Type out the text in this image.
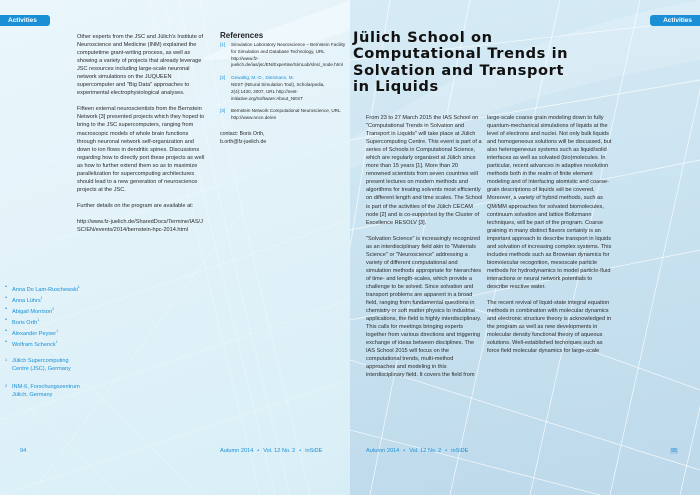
Activities

Other experts from the JSC and Jülich's Institute of Neuroscience and Medicine (INM) explained the computetime grant-writing process, as well as showing a variety of projects that already leverage JSC resources including large-scale neuronal network simulations on the JUQUEEN supercomputer and "Big Data" approaches to experimental electrophysiological analyses.

Fifteen external neuroscientists from the Bernstein Network [3] presented projects which they hoped to bring to the JSC supercomputers, ranging from macroscopic models of whole brain functions through neuronal network self-organization and down to ion flows in dendritic spines. Discussions regarding how to directly port these projects as well as how to further extend them so as to maximize parallelization for supercomputing architectures should lead to a new generation of neuroscience projects at the JSC.

Further details on the program are available at:

http://www.fz-juelich.de/SharedDocs/Termine/IAS/JSC/EN/events/2014/bernstein-hpc-2014.html

• Anna Do Lam-Ruschewski$^1$
• Anna Lührs$^1$
• Abigail Morrison$^2$
• Boris Orth$^1$
• Alexander Peyser$^1$
• Wolfram Schenck$^1$
1 Jülich Supercomputing Centre (JSC), Germany
2 INM-6, Forschungszentrum Jülich, Germany
References
[1] Simulation Laboratory Neuroscience – Bernstein Facility for Simulation and Database Technology, URL http://www.fz-juelich.de/ias/jsc/EN/Expertise/SimLab/slns/_node.html
[2] Gewaltig, M.-O., Diesmann, M.
NEST (NEural Simulation Tool), Scholarpedia, 2(4):1430, 2007, URL http://nest-initiative.org/Software:About_NEST
[3] Bernstein Network Computational Neuroscience, URL http://www.nncn.de/en
contact: Boris Orth,
b.orth@fz-juelich.de
94	Autumn 2014 • Vol. 12 No. 2 • inSiDE
Activities
Jülich School on
Computational Trends in
Solvation and Transport
in Liquids

From 23 to 27 March 2015 the IAS School on "Computational Trends in Solvation and Transport in Liquids" will take place at Jülich Supercomputing Centre. This event is part of a series of Schools in Computational Science, which are regularly organized at Jülich since more than 15 years [1]. More than 20 renowned scientists from seven countries will present lectures on modern methods and algorithms for treating solvents most efficiently on different length and time scales. The School is part of the activities of the Jülich CECAM node [2] and is co-supported by the Cluster of Excellence RESOLV [3].

"Solvation Science" is increasingly recognized as an interdisciplinary field akin to "Materials Science" or "Neuroscience" addressing a variety of different computational and simulation methods appropriate for hierarchies of time- and length-scales, which provide a challenge to be solved. Since solvation and transport problems are apparent in a broad field, ranging from fundamental questions in chemistry or soft matter physics to industrial applications, the field is highly interdisciplinary. This calls for meetings bringing experts together from various directions and triggering exchange of ideas between disciplines. The IAS School 2015 will focus on the computational trends, multi-method approaches and modeling in this interdisciplinary field. It covers the field from

large-scale coarse grain modeling down to fully quantum-mechanical simulations of liquids at the level of electrons and nuclei. Not only bulk liquids and homogeneous solutions will be discussed, but also heterogeneous systems such as liquid/solid interfaces as well as solvated (bio)molecules. In particular, recent advances in adaptive resolution methods both in the realm of finite element modeling and of interfacing atomistic and coarse-grain descriptions of liquids will be covered. Moreover, a variety of hybrid methods, such as QM/MM approaches for solvated biomolecules, continuum solvation and lattice Boltzmann techniques, will be part of the program. Coarse graining in many distinct flavors certainly is an important approach to describe transport in liquids and solvation of increasing complex systems. This includes methods such as Brownian dynamics for biomolecular recognition, mesoscale particle methods for hydrodynamics to model particle-fluid interactions or neural network potentials to describe reactive water.

The recent revival of liquid-state integral equation methods in combination with molecular dynamics and electronic structure theory is acknowledged in the program as well as new developments in molecular density functional theory of aqueous solutions. Well-established techniques such as force field molecular dynamics for large-scale

Autumn 2014 • Vol. 12 No. 2 • inSiDE	95
